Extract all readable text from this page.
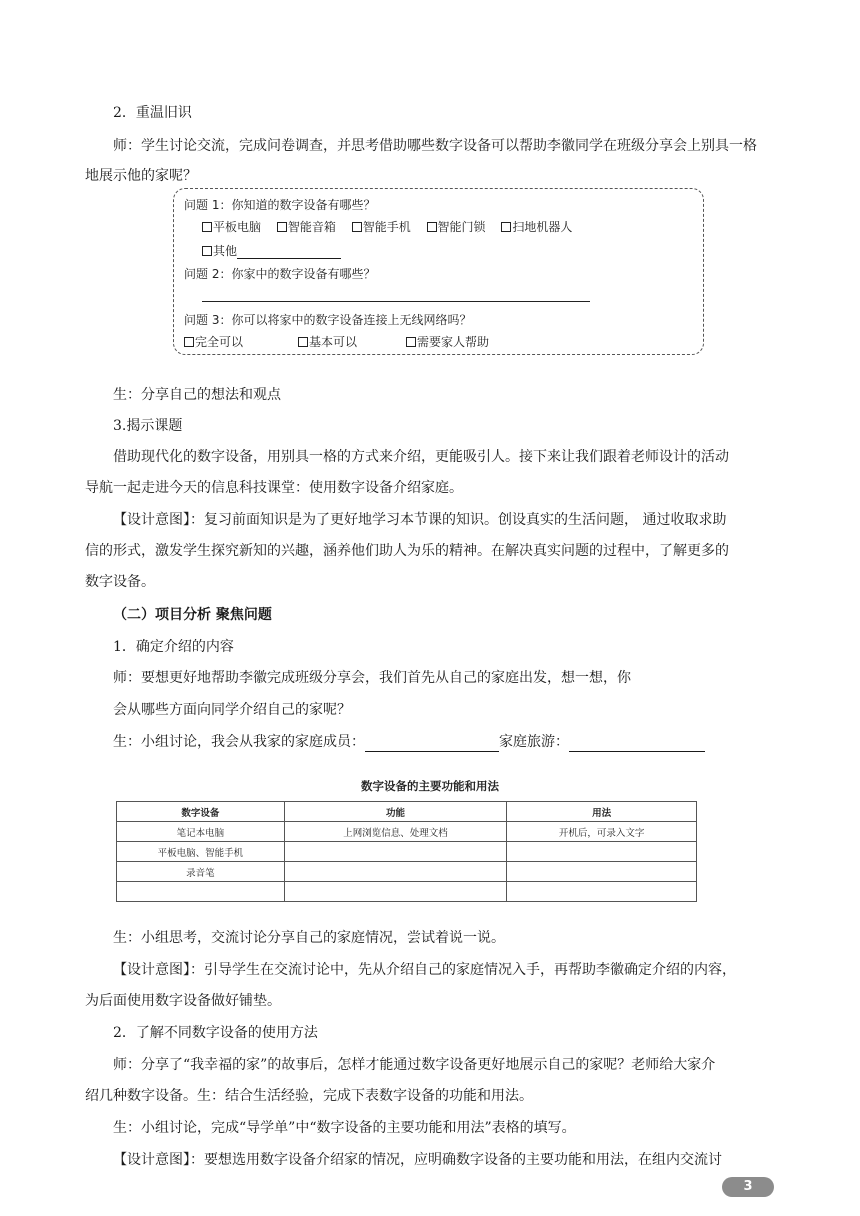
2．重温旧识
师：学生讨论交流，完成问卷调查，并思考借助哪些数字设备可以帮助李徽同学在班级分享会上别具一格
地展示他的家呢？
问题 1：你知道的数字设备有哪些？
平板电脑 智能音箱 智能手机 智能门锁 扫地机器人
其他
问题 2：你家中的数字设备有哪些？
问题 3：你可以将家中的数字设备连接上无线网络吗？
完全可以	基本可以	需要家人帮助
生：分享自己的想法和观点
3.揭示课题
借助现代化的数字设备，用别具一格的方式来介绍，更能吸引人。接下来让我们跟着老师设计的活动
导航一起走进今天的信息科技课堂：使用数字设备介绍家庭。
【设计意图】：复习前面知识是为了更好地学习本节课的知识。创设真实的生活问题， 通过收取求助
信的形式，激发学生探究新知的兴趣，涵养他们助人为乐的精神。在解决真实问题的过程中，了解更多的
数字设备。
（二）项目分析 聚焦问题
1．确定介绍的内容
师：要想更好地帮助李徽完成班级分享会，我们首先从自己的家庭出发，想一想，你
会从哪些方面向同学介绍自己的家呢？
生：小组讨论，我会从我家的家庭成员：	家庭旅游：
数字设备的主要功能和用法
数字设备	功能	用法
笔记本电脑	上网浏览信息、处理文档	开机后，可录入文字
平板电脑、智能手机		
录音笔		

生：小组思考，交流讨论分享自己的家庭情况，尝试着说一说。
【设计意图】：引导学生在交流讨论中，先从介绍自己的家庭情况入手，再帮助李徽确定介绍的内容，
为后面使用数字设备做好铺垫。
2．了解不同数字设备的使用方法
师：分享了“我幸福的家”的故事后，怎样才能通过数字设备更好地展示自己的家呢？老师给大家介
绍几种数字设备。生：结合生活经验，完成下表数字设备的功能和用法。
生：小组讨论，完成“导学单”中“数字设备的主要功能和用法”表格的填写。
【设计意图】：要想选用数字设备介绍家的情况，应明确数字设备的主要功能和用法，在组内交流讨
3
